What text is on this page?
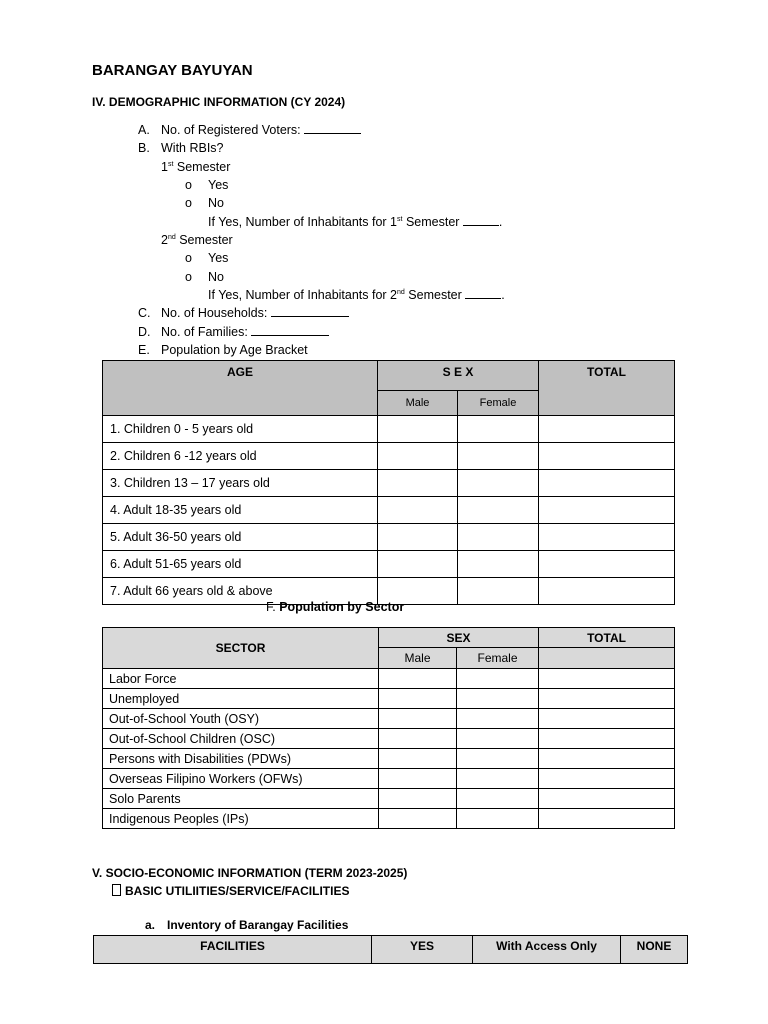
BARANGAY BAYUYAN
IV. DEMOGRAPHIC INFORMATION (CY 2024)
A. No. of Registered Voters:
B. With RBIs?
1st Semester
o Yes
o No
If Yes, Number of Inhabitants for 1st Semester	.
2nd Semester
o Yes
o No
If Yes, Number of Inhabitants for 2nd Semester	.
C. No. of Households:
D. No. of Families:
E. Population by Age Bracket
AGE	S E X		TOTAL
	Male	Female	
1. Children 0 - 5 years old			
2. Children 6 -12 years old			
3. Children 13 – 17 years old			
4. Adult 18-35 years old			
5. Adult 36-50 years old			
6. Adult 51-65 years old			
7. Adult 66 years old & above			
F. Population by Sector
SECTOR	SEX		TOTAL
	Male	Female	
Labor Force			
Unemployed			
Out-of-School Youth (OSY)			
Out-of-School Children (OSC)			
Persons with Disabilities (PDWs)			
Overseas Filipino Workers (OFWs)			
Solo Parents			
Indigenous Peoples (IPs)			
V. SOCIO-ECONOMIC INFORMATION (TERM 2023-2025)
BASIC UTILIITIES/SERVICE/FACILITIES
a. Inventory of Barangay Facilities
FACILITIES	YES	With Access Only	NONE
